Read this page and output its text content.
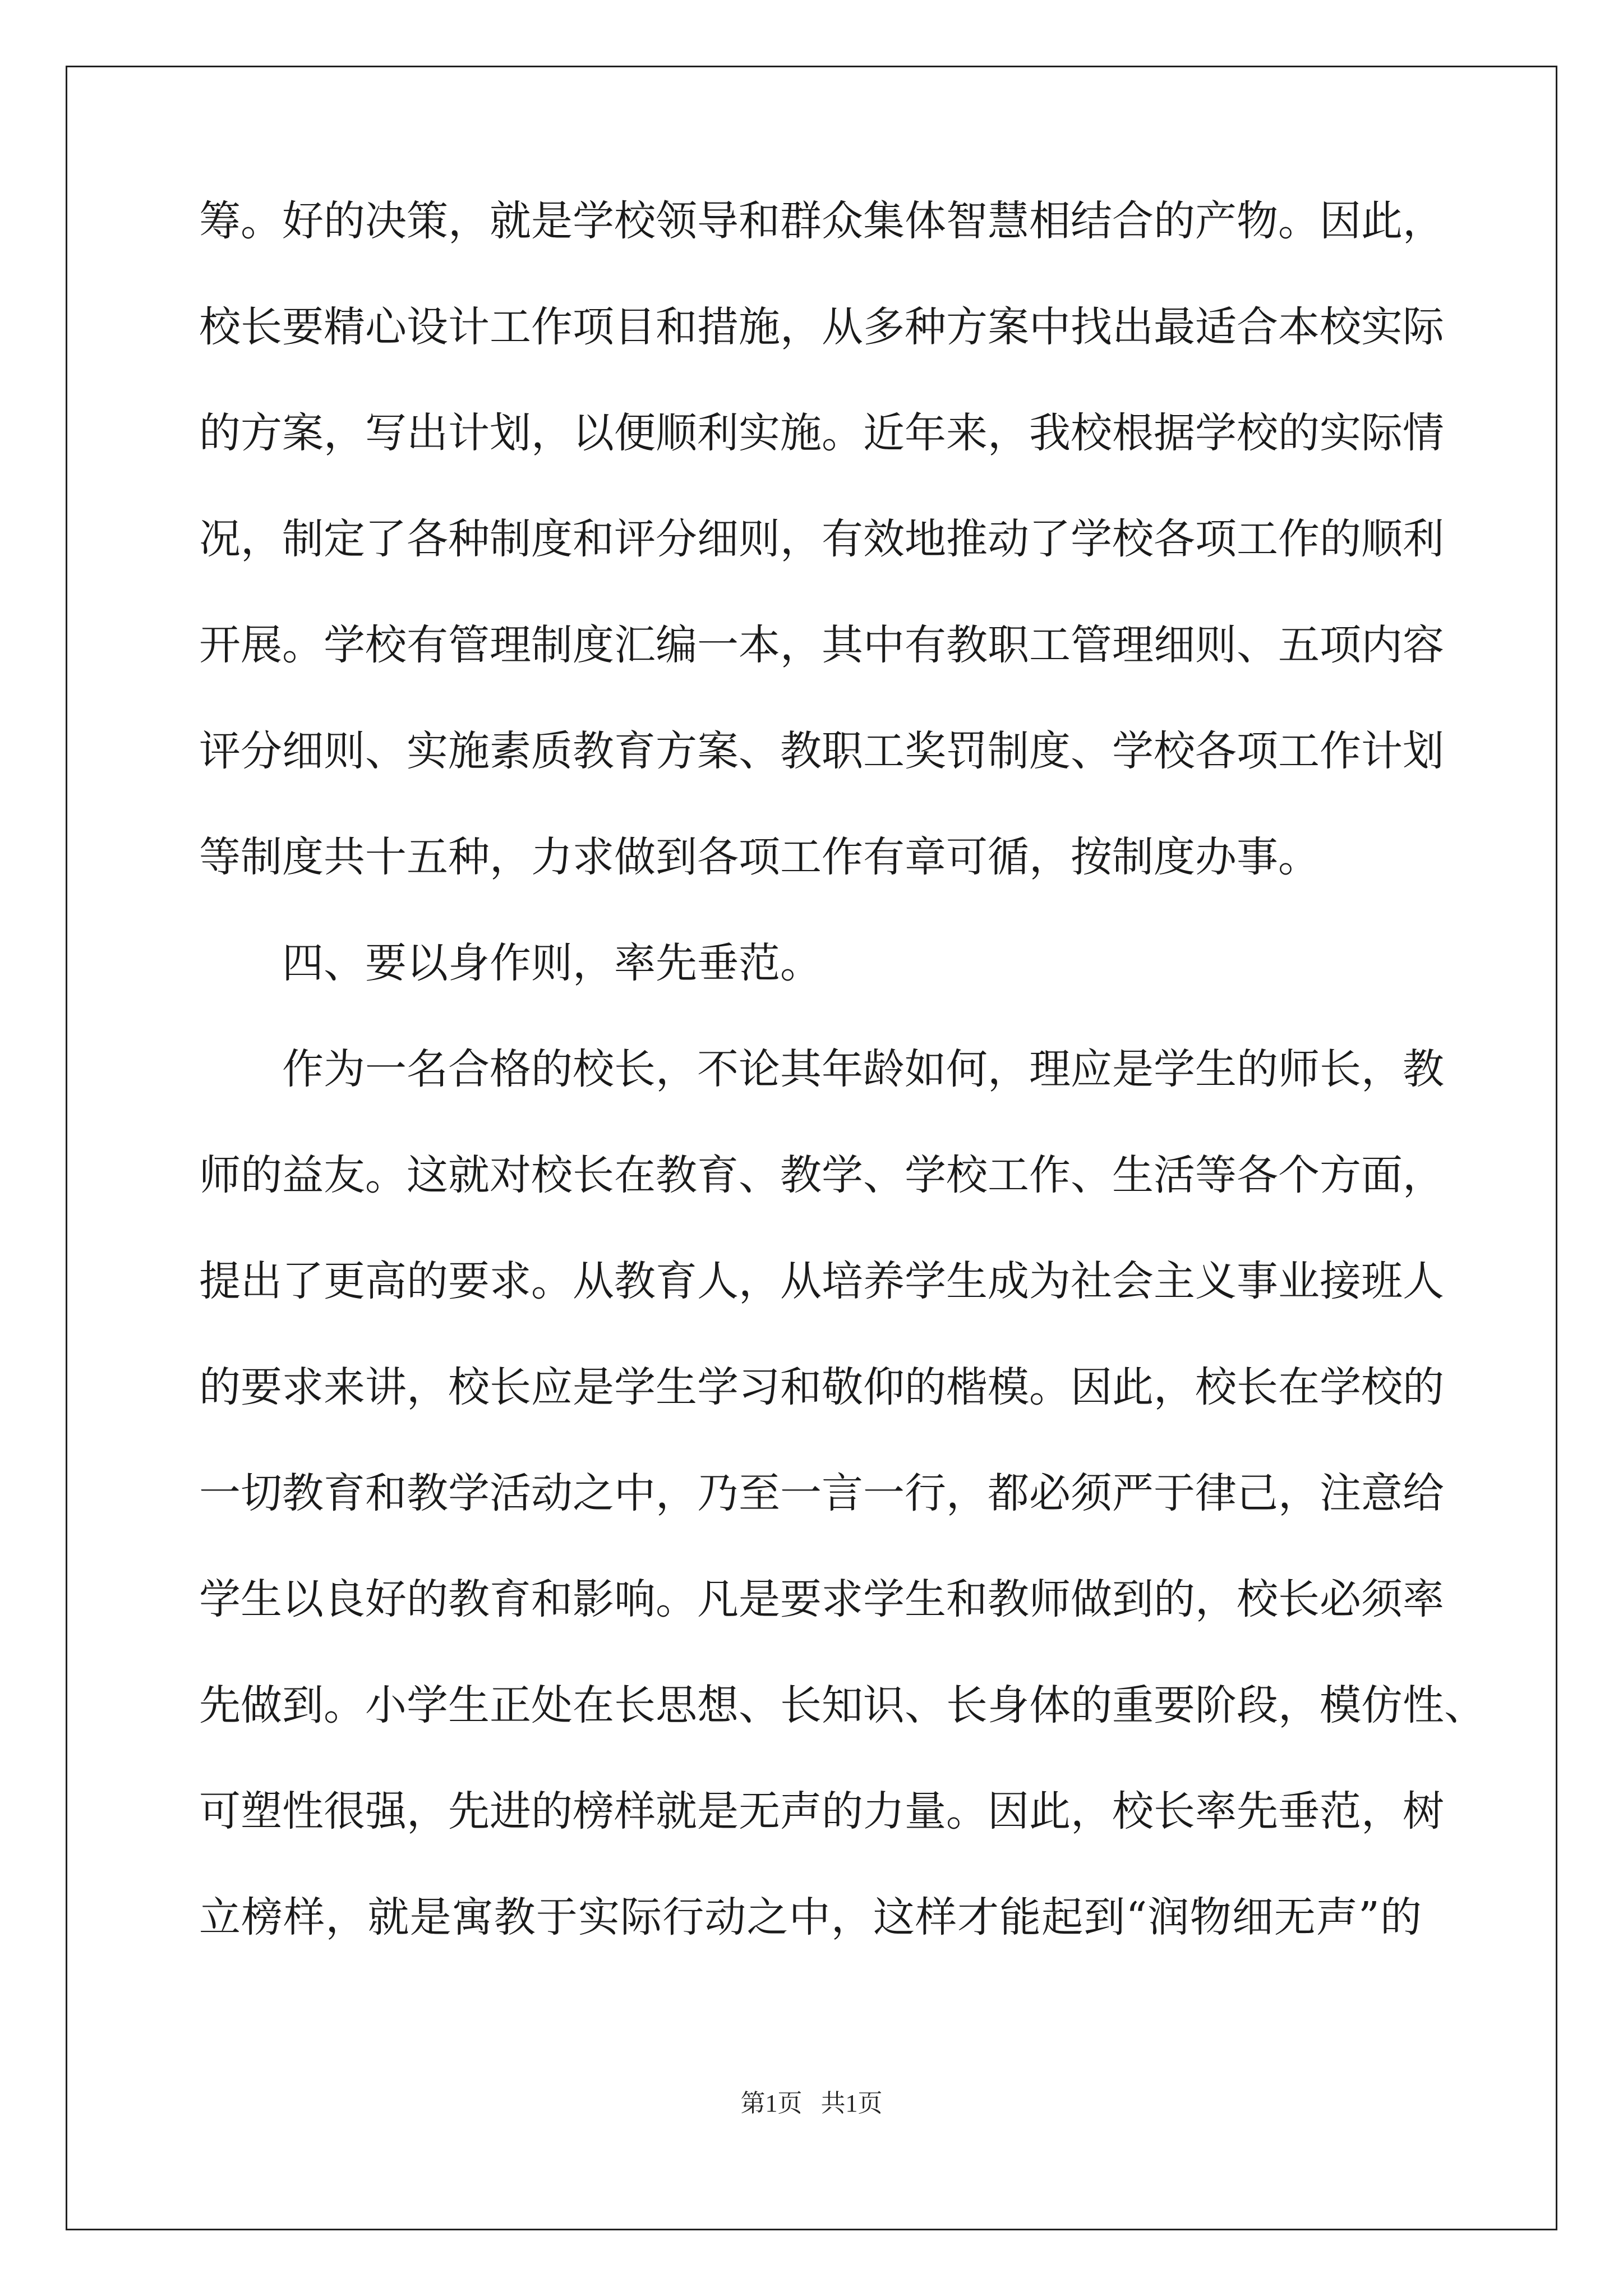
筹。好的决策，就是学校领导和群众集体智慧相结合的产物。因此，
校长要精心设计工作项目和措施，从多种方案中找出最适合本校实际
的方案，写出计划，以便顺利实施。近年来，我校根据学校的实际情
况，制定了各种制度和评分细则，有效地推动了学校各项工作的顺利
开展。学校有管理制度汇编一本，其中有教职工管理细则、五项内容
评分细则、实施素质教育方案、教职工奖罚制度、学校各项工作计划
等制度共十五种，力求做到各项工作有章可循，按制度办事。
四、要以身作则，率先垂范。
作为一名合格的校长，不论其年龄如何，理应是学生的师长，教
师的益友。这就对校长在教育、教学、学校工作、生活等各个方面，
提出了更高的要求。从教育人，从培养学生成为社会主义事业接班人
的要求来讲，校长应是学生学习和敬仰的楷模。因此，校长在学校的
一切教育和教学活动之中，乃至一言一行，都必须严于律己，注意给
学生以良好的教育和影响。凡是要求学生和教师做到的，校长必须率
先做到。小学生正处在长思想、长知识、长身体的重要阶段，模仿性、
可塑性很强，先进的榜样就是无声的力量。因此，校长率先垂范，树
立榜样，就是寓教于实际行动之中，这样才能起到“润物细无声”的
第1页   共1页
